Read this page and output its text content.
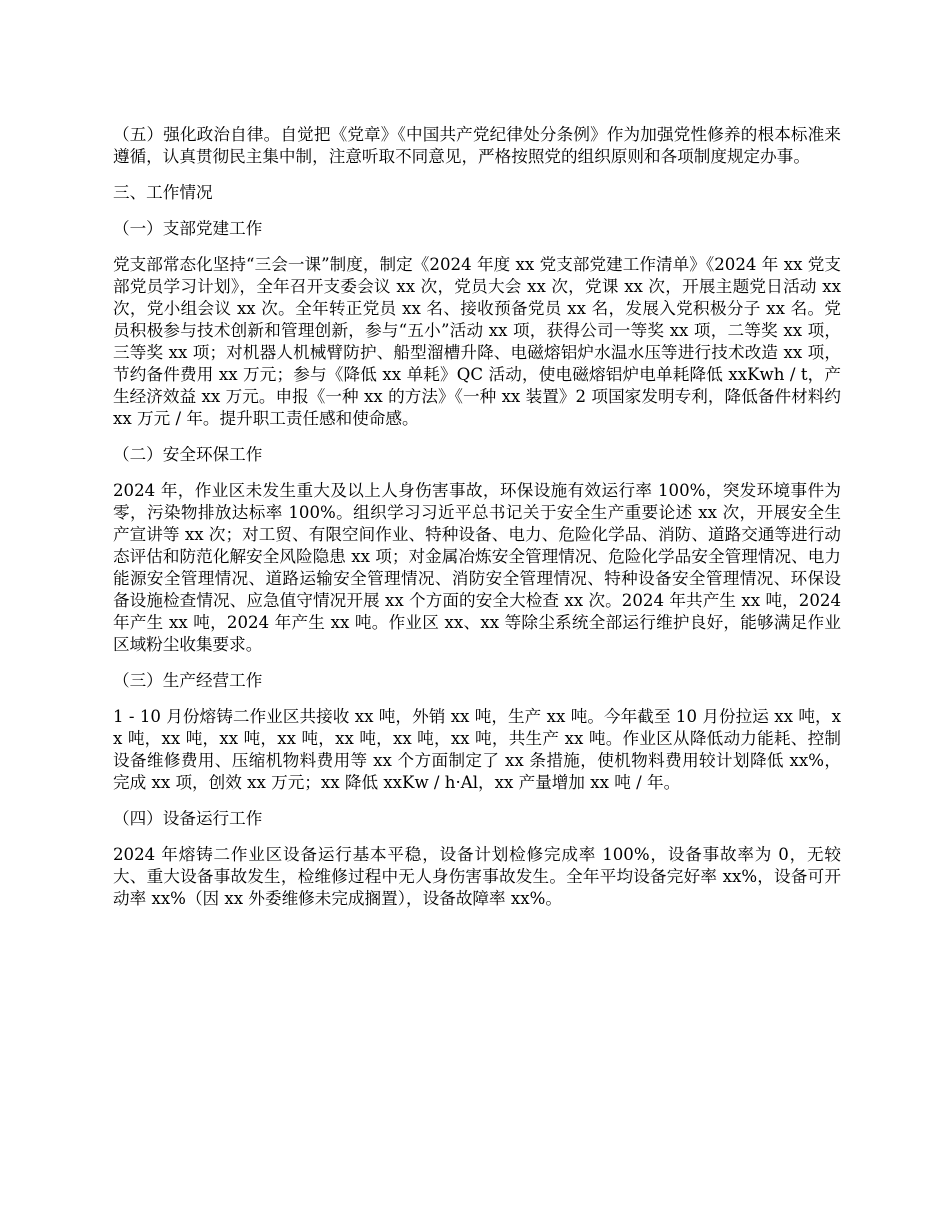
（五）强化政治自律。自觉把《党章》《中国共产党纪律处分条例》作为加强党性修养的根本标准来遵循，认真贯彻民主集中制，注意听取不同意见，严格按照党的组织原则和各项制度规定办事。

三、工作情况

（一）支部党建工作

党支部常态化坚持“三会一课”制度，制定《2024 年度 xx 党支部党建工作清单》《2024 年 xx 党支部党员学习计划》，全年召开支委会议 xx 次，党员大会 xx 次，党课 xx 次，开展主题党日活动 xx 次，党小组会议 xx 次。全年转正党员 xx 名、接收预备党员 xx 名，发展入党积极分子 xx 名。党员积极参与技术创新和管理创新，参与“五小”活动 xx 项，获得公司一等奖 xx 项，二等奖 xx 项，三等奖 xx 项；对机器人机械臂防护、船型溜槽升降、电磁熔铝炉水温水压等进行技术改造 xx 项，节约备件费用 xx 万元；参与《降低 xx 单耗》QC 活动，使电磁熔铝炉电单耗降低 xxKwh / t，产生经济效益 xx 万元。申报《一种 xx 的方法》《一种 xx 装置》2 项国家发明专利，降低备件材料约 xx 万元 / 年。提升职工责任感和使命感。

（二）安全环保工作

2024 年，作业区未发生重大及以上人身伤害事故，环保设施有效运行率 100%，突发环境事件为零，污染物排放达标率 100%。组织学习习近平总书记关于安全生产重要论述 xx 次，开展安全生产宣讲等 xx 次；对工贸、有限空间作业、特种设备、电力、危险化学品、消防、道路交通等进行动态评估和防范化解安全风险隐患 xx 项；对金属冶炼安全管理情况、危险化学品安全管理情况、电力能源安全管理情况、道路运输安全管理情况、消防安全管理情况、特种设备安全管理情况、环保设备设施检查情况、应急值守情况开展 xx 个方面的安全大检查 xx 次。2024 年共产生 xx 吨，2024 年产生 xx 吨，2024 年产生 xx 吨。作业区 xx、xx 等除尘系统全部运行维护良好，能够满足作业区域粉尘收集要求。

（三）生产经营工作

1 - 10 月份熔铸二作业区共接收 xx 吨，外销 xx 吨，生产 xx 吨。今年截至 10 月份拉运 xx 吨，xx 吨，xx 吨，xx 吨，xx 吨，xx 吨，xx 吨，xx 吨，共生产 xx 吨。作业区从降低动力能耗、控制设备维修费用、压缩机物料费用等 xx 个方面制定了 xx 条措施，使机物料费用较计划降低 xx%，完成 xx 项，创效 xx 万元；xx 降低 xxKw / h·Al，xx 产量增加 xx 吨 / 年。

（四）设备运行工作

2024 年熔铸二作业区设备运行基本平稳，设备计划检修完成率 100%，设备事故率为 0，无较大、重大设备事故发生，检维修过程中无人身伤害事故发生。全年平均设备完好率 xx%，设备可开动率 xx%（因 xx 外委维修未完成搁置），设备故障率 xx%。
